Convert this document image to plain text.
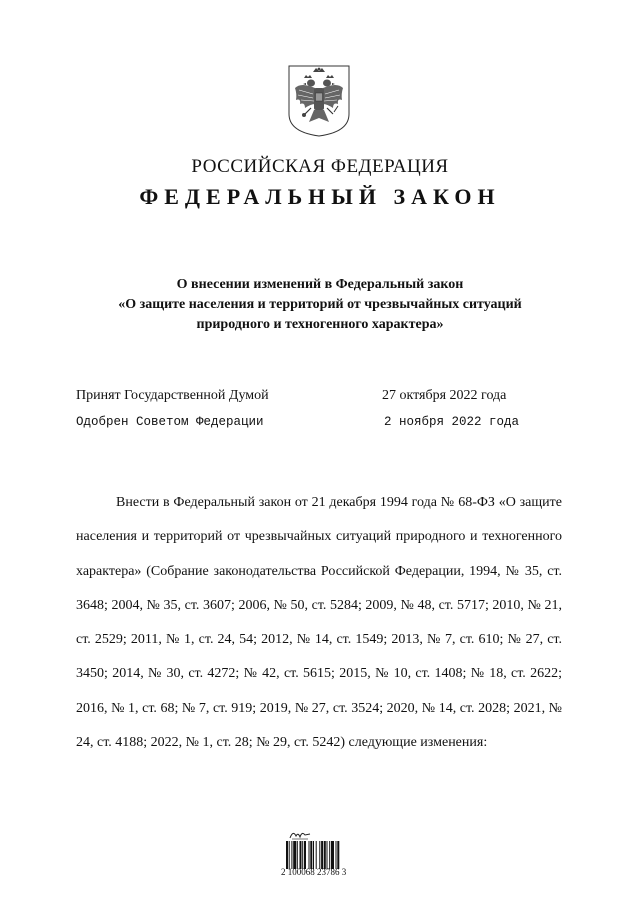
РОССИЙСКАЯ ФЕДЕРАЦИЯ
ФЕДЕРАЛЬНЫЙ ЗАКОН
О внесении изменений в Федеральный закон
«О защите населения и территорий от чрезвычайных ситуаций
природного и техногенного характера»
Принят Государственной Думой	27 октября 2022 года
Одобрен Советом Федерации	2 ноября 2022 года

Внести в Федеральный закон от 21 декабря 1994 года № 68-ФЗ «О защите населения и территорий от чрезвычайных ситуаций природного и техногенного характера» (Собрание законодательства Российской Федерации, 1994, № 35, ст. 3648; 2004, № 35, ст. 3607; 2006, № 50, ст. 5284; 2009, № 48, ст. 5717; 2010, № 21, ст. 2529; 2011, № 1, ст. 24, 54; 2012, № 14, ст. 1549; 2013, № 7, ст. 610; № 27, ст. 3450; 2014, № 30, ст. 4272; № 42, ст. 5615; 2015, № 10, ст. 1408; № 18, ст. 2622; 2016, № 1, ст. 68; № 7, ст. 919; 2019, № 27, ст. 3524; 2020, № 14, ст. 2028; 2021, № 24, ст. 4188; 2022, № 1, ст. 28; № 29, ст. 5242) следующие изменения:

2 100068 23786 3
